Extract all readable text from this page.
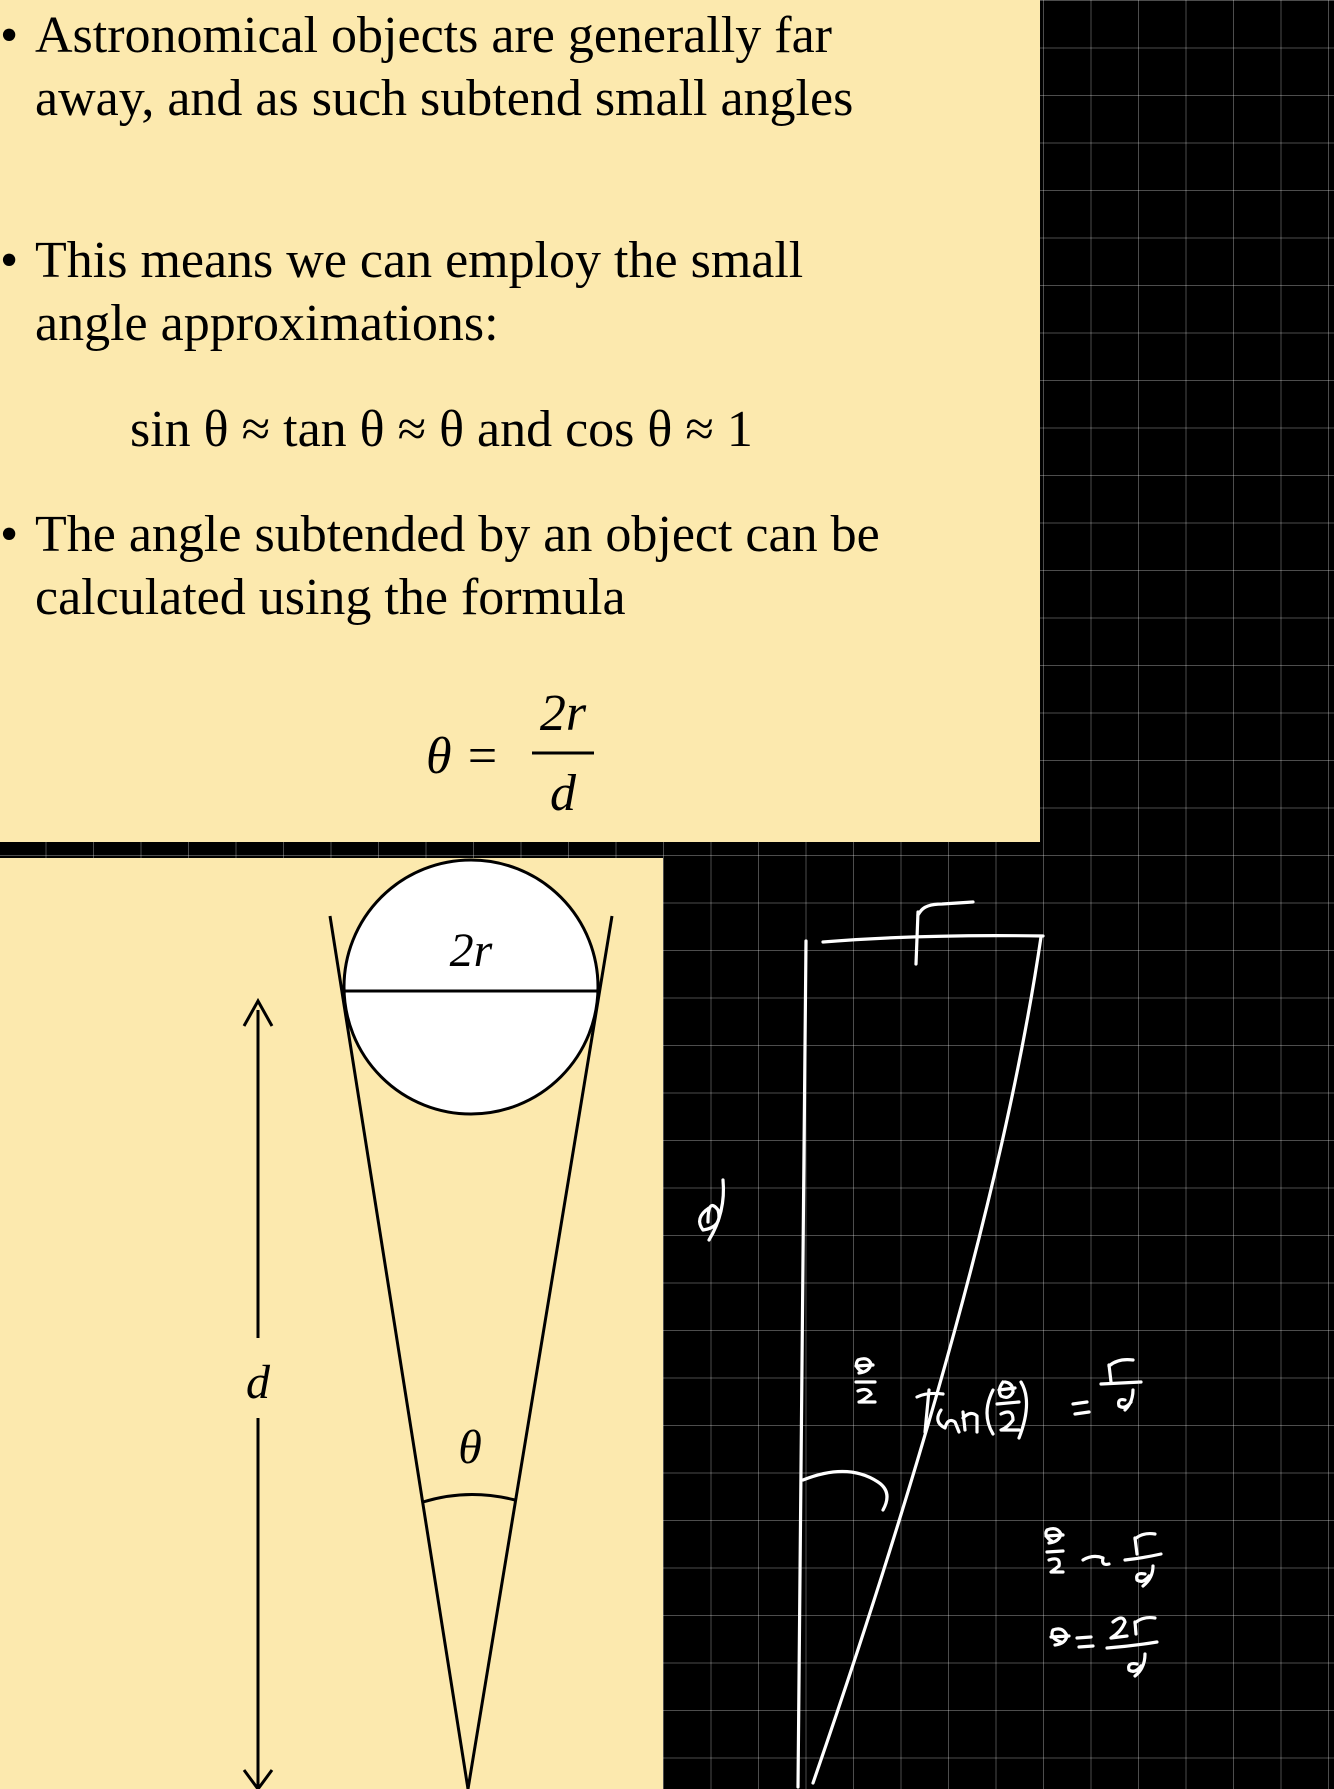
• Astronomical objects are generally far
away, and as such subtend small angles
• This means we can employ the small
angle approximations:
sin θ ≈ tan θ ≈ θ and cos θ ≈ 1
• The angle subtended by an object can be
calculated using the formula
θ =
2r
d
2r
θ
d
